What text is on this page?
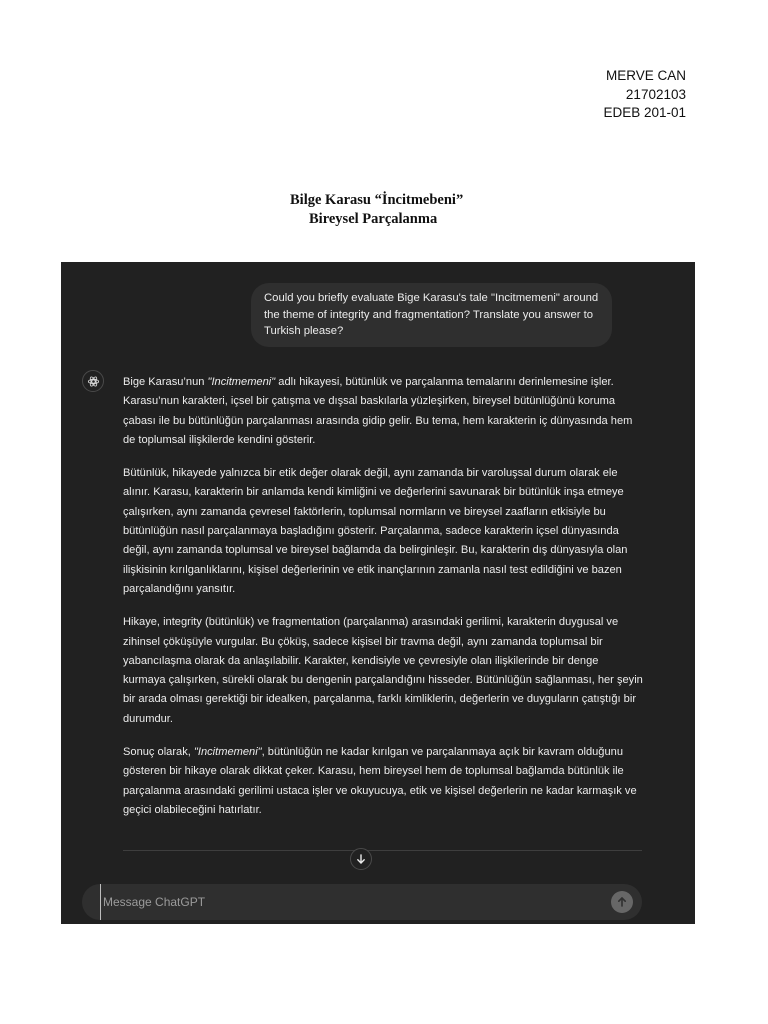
MERVE CAN
21702103
EDEB 201-01
Bilge Karasu “İncitmebeni”
Bireysel Parçalanma
Could you briefly evaluate Bige Karasu's tale "Incitmemeni" around the theme of integrity and fragmentation? Translate you answer to Turkish please?

Bige Karasu’nun "Incitmemeni" adlı hikayesi, bütünlük ve parçalanma temalarını derinlemesine işler. Karasu’nun karakteri, içsel bir çatışma ve dışsal baskılarla yüzleşirken, bireysel bütünlüğünü koruma çabası ile bu bütünlüğün parçalanması arasında gidip gelir. Bu tema, hem karakterin iç dünyasında hem de toplumsal ilişkilerde kendini gösterir.

Bütünlük, hikayede yalnızca bir etik değer olarak değil, aynı zamanda bir varoluşsal durum olarak ele alınır. Karasu, karakterin bir anlamda kendi kimliğini ve değerlerini savunarak bir bütünlük inşa etmeye çalışırken, aynı zamanda çevresel faktörlerin, toplumsal normların ve bireysel zaafların etkisiyle bu bütünlüğün nasıl parçalanmaya başladığını gösterir. Parçalanma, sadece karakterin içsel dünyasında değil, aynı zamanda toplumsal ve bireysel bağlamda da belirginleşir. Bu, karakterin dış dünyasıyla olan ilişkisinin kırılganlıklarını, kişisel değerlerinin ve etik inançlarının zamanla nasıl test edildiğini ve bazen parçalandığını yansıtır.

Hikaye, integrity (bütünlük) ve fragmentation (parçalanma) arasındaki gerilimi, karakterin duygusal ve zihinsel çöküşüyle vurgular. Bu çöküş, sadece kişisel bir travma değil, aynı zamanda toplumsal bir yabancılaşma olarak da anlaşılabilir. Karakter, kendisiyle ve çevresiyle olan ilişkilerinde bir denge kurmaya çalışırken, sürekli olarak bu dengenin parçalandığını hisseder. Bütünlüğün sağlanması, her şeyin bir arada olması gerektiği bir idealken, parçalanma, farklı kimliklerin, değerlerin ve duyguların çatıştığı bir durumdur.

Sonuç olarak, "Incitmemeni", bütünlüğün ne kadar kırılgan ve parçalanmaya açık bir kavram olduğunu gösteren bir hikaye olarak dikkat çeker. Karasu, hem bireysel hem de toplumsal bağlamda bütünlük ile parçalanma arasındaki gerilimi ustaca işler ve okuyucuya, etik ve kişisel değerlerin ne kadar karmaşık ve geçici olabileceğini hatırlatır.

Message ChatGPT
